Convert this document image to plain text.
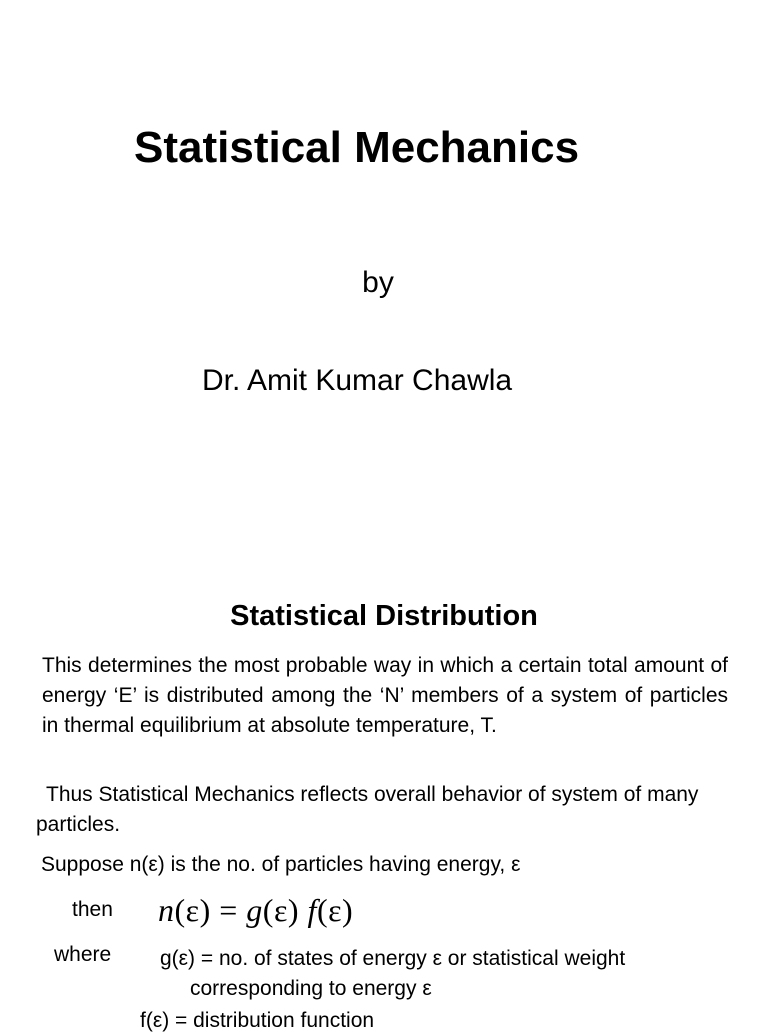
Statistical Mechanics
by
Dr. Amit Kumar Chawla
Statistical Distribution
This determines the most probable way in which a certain total amount of energy ‘E’ is distributed among the ‘N’ members of a system of particles in thermal equilibrium at absolute temperature, T.
Thus Statistical Mechanics reflects overall behavior of system of many particles.
Suppose n(ε) is the no. of particles having energy, ε
then n(ε) = g(ε) f(ε)
where g(ε) = no. of states of energy ε or statistical weight
corresponding to energy ε
f(ε) = distribution function
